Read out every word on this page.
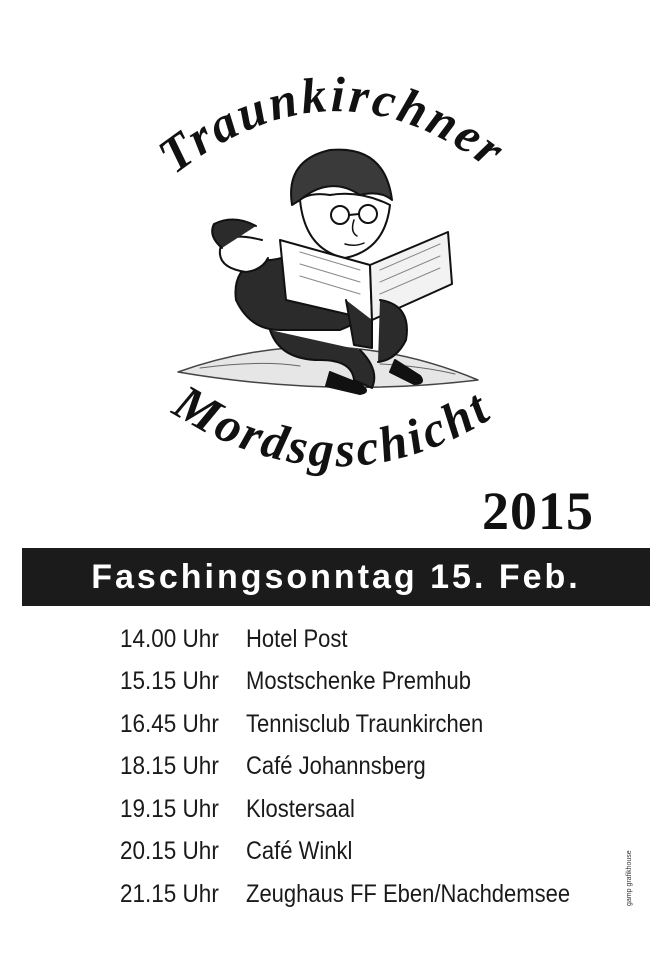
Traunkirchner
Mordsgschicht
2015
Faschingsonntag 15. Feb.
14.00 Uhr	Hotel Post
15.15 Uhr	Mostschenke Premhub
16.45 Uhr	Tennisclub Traunkirchen
18.15 Uhr	Café Johannsberg
19.15 Uhr	Klostersaal
20.15 Uhr	Café Winkl
21.15 Uhr	Zeughaus FF Eben/Nachdemsee	gamp grafikhouse
